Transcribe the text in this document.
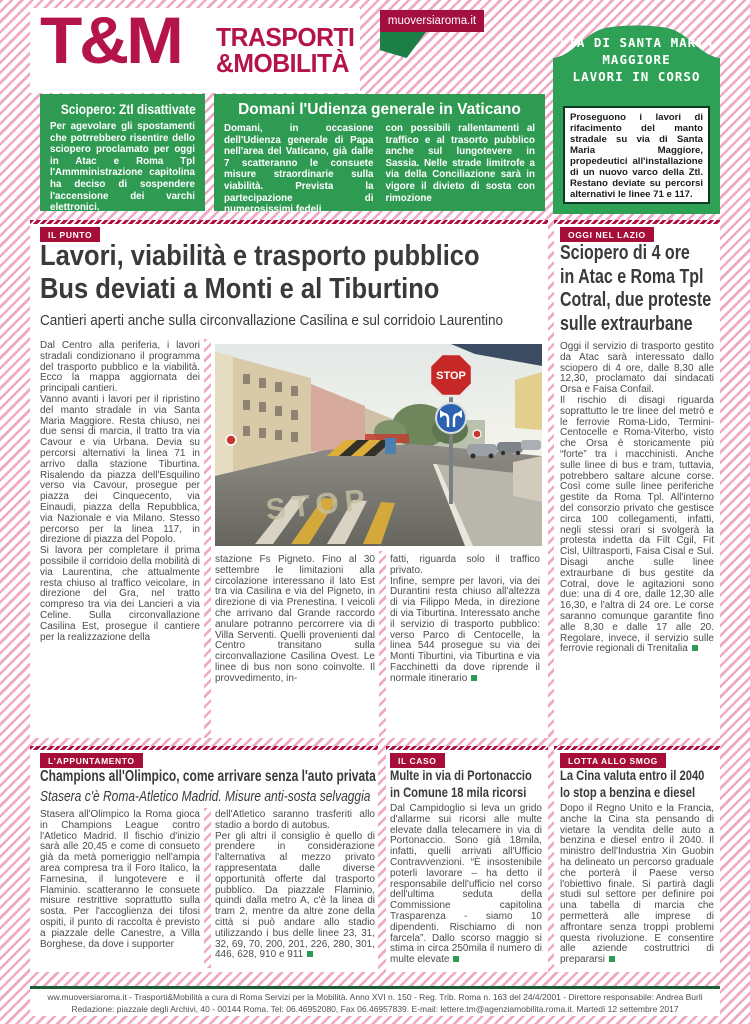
T&M TRASPORTI
&MOBILITÀ
muoversiaroma.it
VIA DI SANTA MARIA
MAGGIORE
LAVORI IN CORSO

Proseguono i lavori di rifacimento del manto stradale su via di Santa Maria Maggiore, propedeutici all'installazione di un nuovo varco della Ztl. Restano deviate su percorsi alternativi le linee 71 e 117.

Sciopero: Ztl disattivate
Per agevolare gli spostamenti che potrrebbero risentire dello sciopero proclamato per oggi in Atac e Roma Tpl l'Ammministrazione capitolina ha deciso di sospendere l'accensione dei varchi elettronici.
Domani l'Udienza generale in Vaticano
Domani, in occasione dell'Udienza generale di Papa nell'area del Vaticano, già dalle 7 scatteranno le consuete misure straordinarie sulla viabilità. Prevista la partecipazione di numerosissimi fedeli
con possibili rallentamenti al traffico e al trasorto pubblico anche sul lungotevere in Sassia. Nelle strade limitrofe a via della Conciliazione sarà in vigore il divieto di sosta con rimozione
IL PUNTO
Lavori, viabilità e trasporto pubblico
Bus deviati a Monti e al Tiburtino
Cantieri aperti anche sulla circonvallazione Casilina e sul corridoio Laurentino

Dal Centro alla periferia, i lavori stradali condizionano il programma del trasporto pubblico e la viabilità. Ecco la mappa aggiornata dei principali cantieri.

Vanno avanti i lavori per il ripristino del manto stradale in via Santa Maria Maggiore. Resta chiuso, nei due sensi di marcia, il tratto tra via Cavour e via Urbana. Devia su percorsi alternativi la linea 71 in arrivo dalla stazione Tiburtina. Risalendo da piazza dell'Esquilino verso via Cavour, prosegue per piazza dei Cinquecento, via Einaudi, piazza della Repubblica, via Nazionale e via Milano. Stesso percorso per la linea 117, in direzione di piazza del Popolo.

Si lavora per completare il prima possibile il corridoio della mobilità di via Laurentina, che attualmente resta chiuso al traffico veicolare, in direzione del Gra, nel tratto compreso tra via dei Lancieri a via Celine. Sulla circonvallazione Casilina Est, prosegue il cantiere per la realizzazione della

STOP
STOP

stazione Fs Pigneto. Fino al 30 settembre le limitazioni alla circolazione interessano il lato Est tra via Casilina e via del Pigneto, in direzione di via Prenestina. I veicoli che arrivano dal Grande raccordo anulare potranno percorrere via di Villa Serventi. Quelli provenienti dal Centro transitano sulla circonvallazione Casilina Ovest. Le linee di bus non sono coinvolte. Il provvedimento, in-

fatti, riguarda solo il traffico privato.

Infine, sempre per lavori, via dei Durantini resta chiuso all'altezza di via Filippo Meda, in direzione di via Tiburtina. Interessato anche il servizio di trasporto pubblico: verso Parco di Centocelle, la linea 544 prosegue su via dei Monti Tiburtini, via Tiburtina e via Facchinetti da dove riprende il normale itinerario

OGGI NEL LAZIO
Sciopero di 4 ore
in Atac e Roma Tpl
Cotral, due proteste
sulle extraurbane

Oggi il servizio di trasporto gestito da Atac sarà interessato dallo sciopero di 4 ore, dalle 8,30 alle 12,30, proclamato dai sindacati Orsa e Faisa Confail.

Il rischio di disagi riguarda soprattutto le tre linee del metrò e le ferrovie Roma-Lido, Termini-Centocelle e Roma-Viterbo, visto che Orsa è storicamente più “forte” tra i macchinisti. Anche sulle linee di bus e tram, tuttavia, potrebbero saltare alcune corse. Così come sulle linee periferiche gestite da Roma Tpl. All'interno del consorzio privato che gestisce circa 100 collegamenti, infatti, negli stessi orari si svolgerà la protesta indetta da Filt Cgil, Fit Cisl, Uiltrasporti, Faisa Cisal e Sul. Disagi anche sulle linee extraurbane di bus gestite da Cotral, dove le agitazioni sono due: una di 4 ore, dalle 12,30 alle 16,30, e l'altra di 24 ore. Le corse saranno comunque garantite fino alle 8,30 e dalle 17 alle 20. Regolare, invece, il servizio sulle ferrovie regionali di Trenitalia

L'APPUNTAMENTO
Champions all'Olimpico, come arrivare senza l'auto privata
Stasera c'è Roma-Atletico Madrid. Misure anti-sosta selvaggia

Stasera all'Olimpico la Roma gioca in Champions League contro l'Atletico Madrid. Il fischio d'inizio sarà alle 20,45 e come di consueto già da metà pomeriggio nell'ampia area compresa tra il Foro Italico, la Farnesina, il lungotevere e il Flaminio. scatteranno le consuete misure restrittive soprattutto sulla sosta. Per l'accoglienza dei tifosi ospiti, il punto di raccolta è previsto a piazzale delle Canestre, a Villa Borghese, da dove i supporter

dell'Atletico saranno trasferiti allo stadio a bordo di autobus.

Per gli altri il consiglio è quello di prendere in considerazione l'alternativa al mezzo privato rappresentata dalle diverse opportunità offerte dal trasporto pubblico. Da piazzale Flaminio, quindi dalla metro A, c'è la linea di tram 2, mentre da altre zone della città si può andare allo stadio utilizzando i bus delle linee 23, 31, 32, 69, 70, 200, 201, 226, 280, 301, 446, 628, 910 e 911

IL CASO
Multe in via di Portonaccio
in Comune 18 mila ricorsi

Dal Campidoglio si leva un grido d'allarme sui ricorsi alle multe elevate dalla telecamere in via di Portonaccio. Sono già 18mila, infatti, quelli arrivati all'Ufficio Contravvenzioni. “È insostenibile poterli lavorare – ha detto il responsabile dell'ufficio nel corso dell'ultima seduta della Commissione capitolina Trasparenza - siamo 10 dipendenti. Rischiamo di non farcela”. Dallo scorso maggio si stima in circa 250mila il numero di multe elevate

LOTTA ALLO SMOG
La Cina valuta entro il 2040
lo stop a benzina e diesel

Dopo il Regno Unito e la Francia, anche la Cina sta pensando di vietare la vendita delle auto a benzina e diesel entro il 2040. Il ministro dell'Industria Xin Guobin ha delineato un percorso graduale che porterà il Paese verso l'obiettivo finale. Si partirà dagli studi sul settore per definire poi una tabella di marcia che permetterà alle imprese di affrontare senza troppi problemi questa rivoluzione. E consentire alle aziende costruttrici di prepararsi

ww.muoversiaroma.it - Trasporti&Mobilità a cura di Roma Servizi per la Mobilità. Anno XVI n. 150 - Reg. Trib. Roma n. 163 del 24/4/2001 - Direttore responsabile: Andrea Burli
Redazione: piazzale degli Archivi, 40 - 00144 Roma. Tel: 06.46952080, Fax 06.46957839. E-mail: lettere.tm@agenziamobilita.roma.it. Martedì 12 settembre 2017
